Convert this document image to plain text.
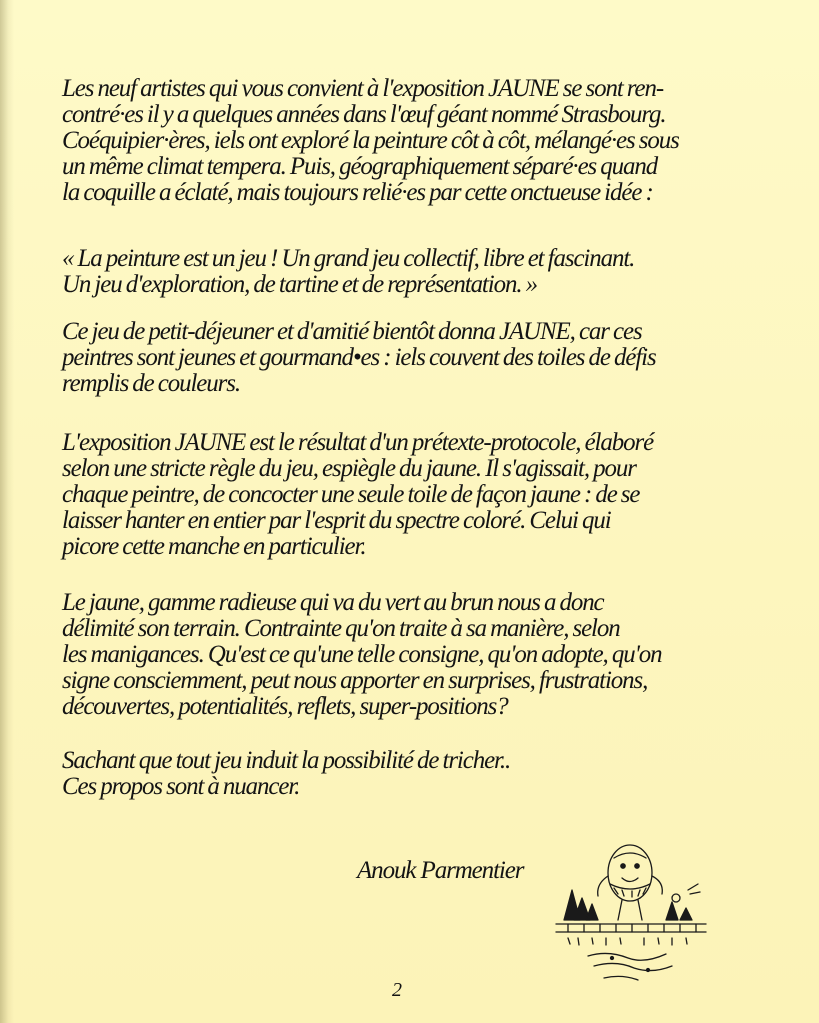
Les neuf artistes qui vous convient à l'exposition JAUNE se sont ren- contré·es il y a quelques années dans l'œuf géant nommé Strasbourg. Coéquipier·ères, iels ont exploré la peinture côt à côt, mélangé·es sous un même climat tempera. Puis, géographiquement séparé·es quand la coquille a éclaté, mais toujours relié·es par cette onctueuse idée :
« La peinture est un jeu ! Un grand jeu collectif, libre et fascinant. Un jeu d'exploration, de tartine et de représentation. »
Ce jeu de petit-déjeuner et d'amitié bientôt donna JAUNE, car ces peintres sont jeunes et gourmand•es : iels couvent des toiles de défis remplis de couleurs.
L'exposition JAUNE est le résultat d'un prétexte-protocole, élaboré selon une stricte règle du jeu, espiègle du jaune. Il s'agissait, pour chaque peintre, de concocter une seule toile de façon jaune : de se laisser hanter en entier par l'esprit du spectre coloré. Celui qui picore cette manche en particulier.
Le jaune, gamme radieuse qui va du vert au brun nous a donc délimité son terrain. Contrainte qu'on traite à sa manière, selon les manigances. Qu'est ce qu'une telle consigne, qu'on adopte, qu'on signe consciemment, peut nous apporter en surprises, frustrations, découvertes, potentialités, reflets, super-positions?
Sachant que tout jeu induit la possibilité de tricher.. Ces propos sont à nuancer.
Anouk Parmentier
2
